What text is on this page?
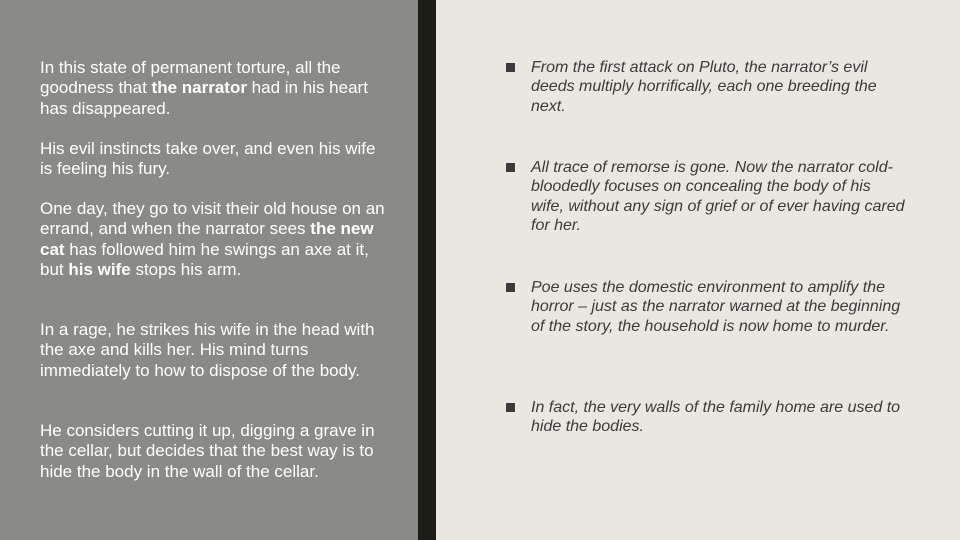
In this state of permanent torture, all the goodness that the narrator had in his heart has disappeared.

His evil instincts take over, and even his wife is feeling his fury.

One day, they go to visit their old house on an errand, and when the narrator sees the new cat has followed him he swings an axe at it, but his wife stops his arm.

In a rage, he strikes his wife in the head with the axe and kills her. His mind turns immediately to how to dispose of the body.

He considers cutting it up, digging a grave in the cellar, but decides that the best way is to hide the body in the wall of the cellar.

From the first attack on Pluto, the narrator’s evil deeds multiply horrifically, each one breeding the next.

All trace of remorse is gone. Now the narrator cold-bloodedly focuses on concealing the body of his wife, without any sign of grief or of ever having cared for her.

Poe uses the domestic environment to amplify the horror – just as the narrator warned at the beginning of the story, the household is now home to murder.

In fact, the very walls of the family home are used to hide the bodies.
